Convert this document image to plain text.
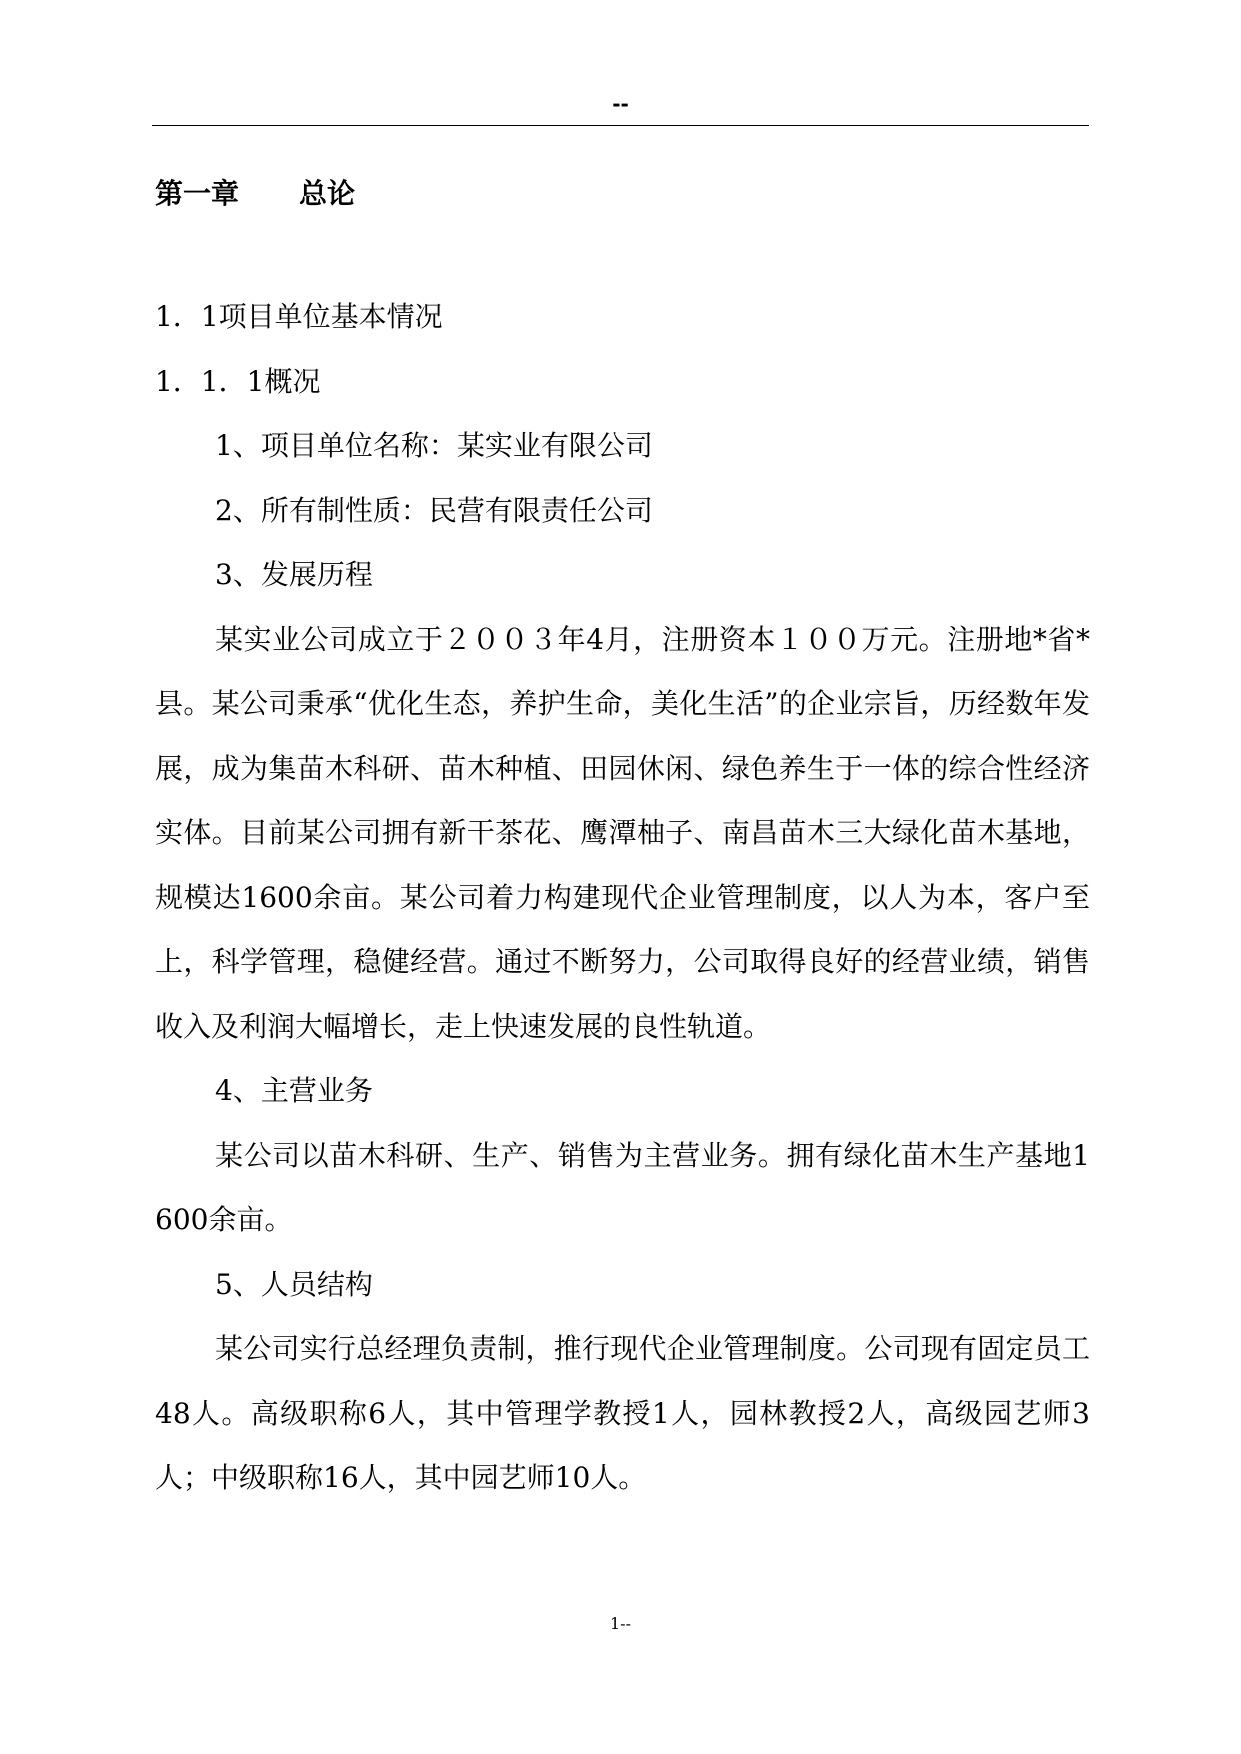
--
第一章 总论

1．1项目单位基本情况

1．1．1概况

1、项目单位名称：某实业有限公司

2、所有制性质：民营有限责任公司

3、发展历程

某实业公司成立于２００３年4月，注册资本１００万元。注册地*省*县。某公司秉承“优化生态，养护生命，美化生活”的企业宗旨，历经数年发展，成为集苗木科研、苗木种植、田园休闲、绿色养生于一体的综合性经济实体。目前某公司拥有新干茶花、鹰潭柚子、南昌苗木三大绿化苗木基地，规模达1600余亩。某公司着力构建现代企业管理制度，以人为本，客户至上，科学管理，稳健经营。通过不断努力，公司取得良好的经营业绩，销售收入及利润大幅增长，走上快速发展的良性轨道。

4、主营业务

某公司以苗木科研、生产、销售为主营业务。拥有绿化苗木生产基地1600余亩。

5、人员结构

某公司实行总经理负责制，推行现代企业管理制度。公司现有固定员工48人。高级职称6人，其中管理学教授1人，园林教授2人，高级园艺师3人；中级职称16人，其中园艺师10人。

1--
